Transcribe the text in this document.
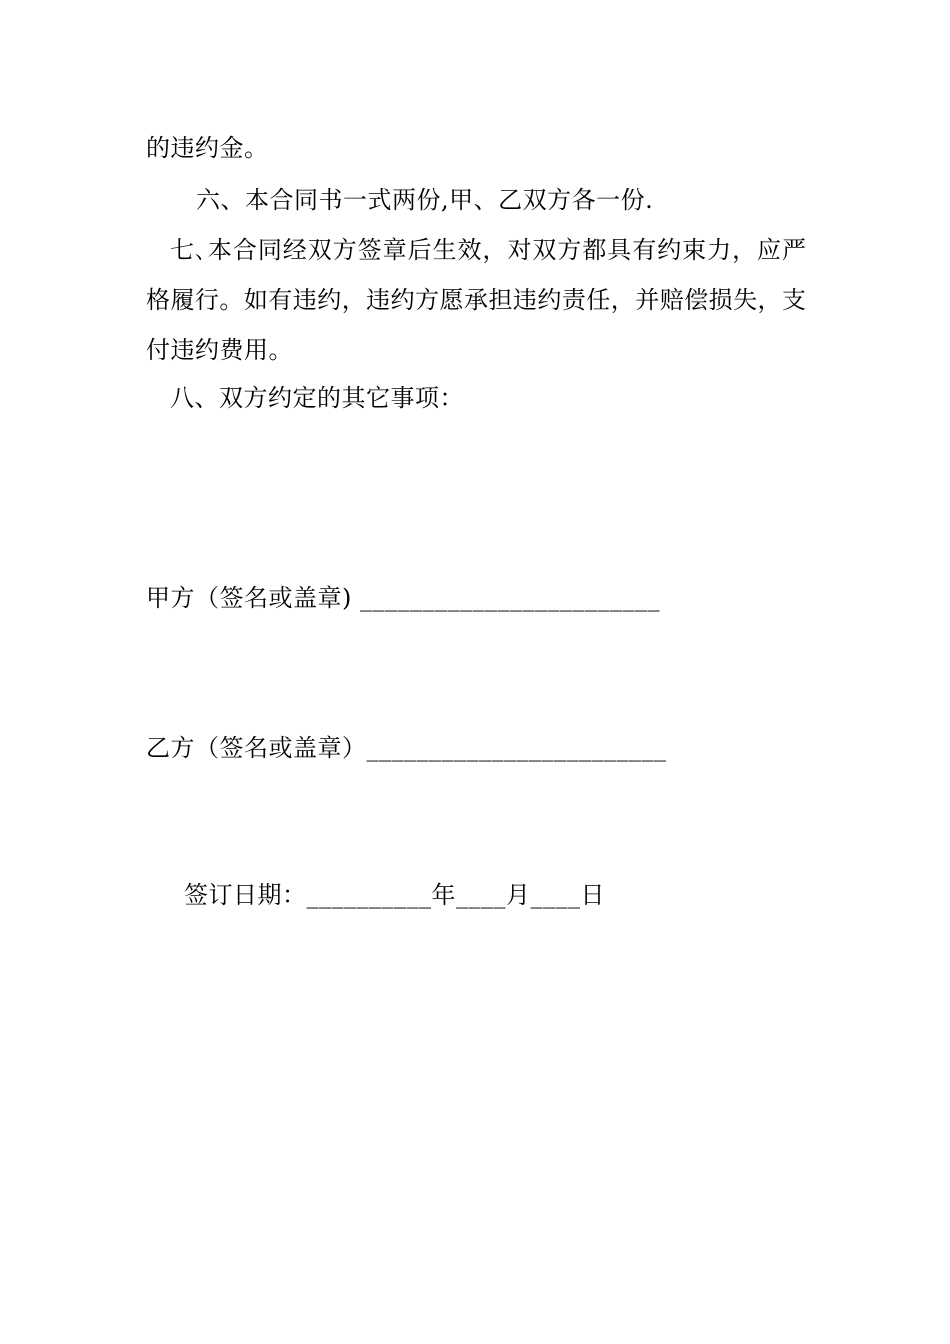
的违约金。
六、本合同书一式两份,甲、乙双方各一份.
七､本合同经双方签章后生效，对双方都具有约束力，应严
格履行。如有违约，违约方愿承担违约责任，并赔偿损失，支
付违约费用。
八、双方约定的其它事项：
甲方（签名或盖章) ________________________
乙方（签名或盖章）________________________
签订日期：__________年____月____日
